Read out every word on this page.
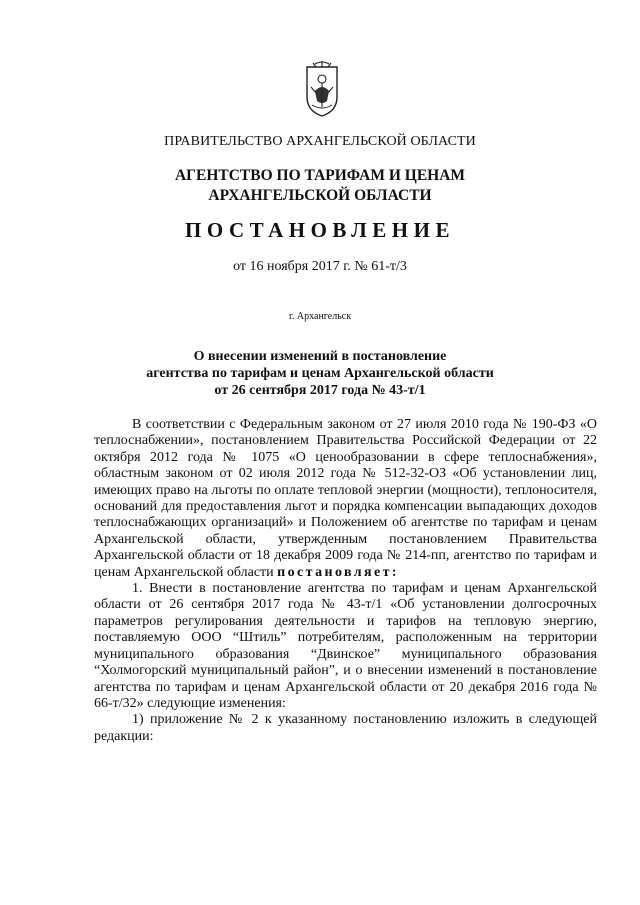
ПРАВИТЕЛЬСТВО АРХАНГЕЛЬСКОЙ ОБЛАСТИ
АГЕНТСТВО ПО ТАРИФАМ И ЦЕНАМ
АРХАНГЕЛЬСКОЙ ОБЛАСТИ
ПОСТАНОВЛЕНИЕ
от 16 ноября 2017 г. № 61-т/3
г. Архангельск
О внесении изменений в постановление
агентства по тарифам и ценам Архангельской области
от 26 сентября 2017 года № 43-т/1

В соответствии с Федеральным законом от 27 июля 2010 года № 190-ФЗ «О теплоснабжении», постановлением Правительства Российской Федерации от 22 октября 2012 года № 1075 «О ценообразовании в сфере теплоснабжения», областным законом от 02 июля 2012 года № 512-32-ОЗ «Об установлении лиц, имеющих право на льготы по оплате тепловой энергии (мощности), теплоносителя, оснований для предоставления льгот и порядка компенсации выпадающих доходов теплоснабжающих организаций» и Положением об агентстве по тарифам и ценам Архангельской области, утвержденным постановлением Правительства Архангельской области от 18 декабря 2009 года № 214-пп, агентство по тарифам и ценам Архангельской области постановляет:

1. Внести в постановление агентства по тарифам и ценам Архангельской области от 26 сентября 2017 года № 43-т/1 «Об установлении долгосрочных параметров регулирования деятельности и тарифов на тепловую энергию, поставляемую ООО “Штиль” потребителям, расположенным на территории муниципального образования “Двинское” муниципального образования “Холмогорский муниципальный район”, и о внесении изменений в постановление агентства по тарифам и ценам Архангельской области от 20 декабря 2016 года № 66-т/32» следующие изменения:

1) приложение № 2 к указанному постановлению изложить в следующей редакции:
